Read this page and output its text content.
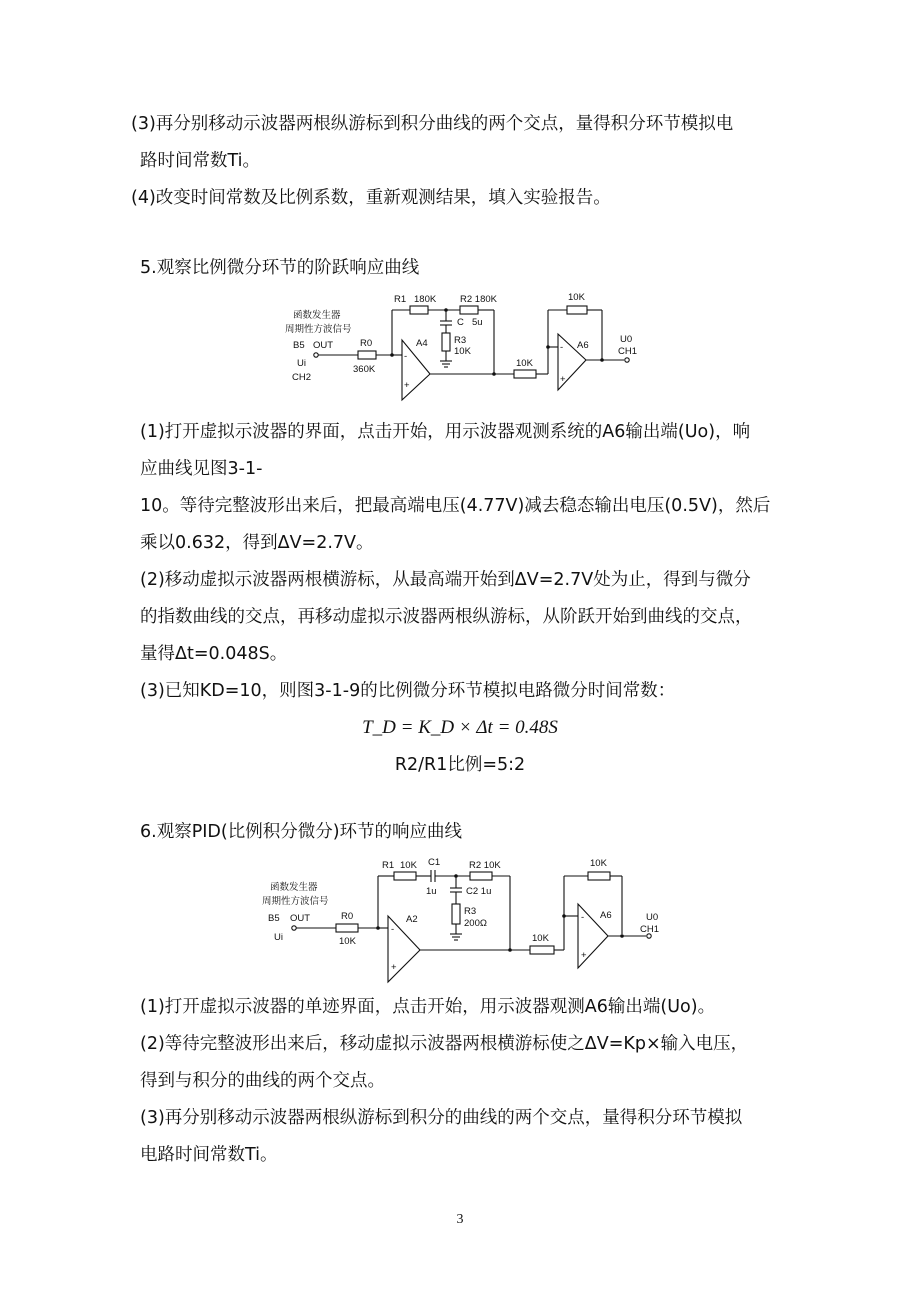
(3)再分别移动示波器两根纵游标到积分曲线的两个交点，量得积分环节模拟电
路时间常数Ti。
(4)改变时间常数及比例系数，重新观测结果，填入实验报告。
5.观察比例微分环节的阶跃响应曲线
函数发生器
周期性方波信号
B5 OUT
Ui
CH2
R0
360K
R1 180K	R2 180K
C 5u
R3
10K
-
+
A4
10K
10K
-
+
A6
U0
CH1
(1)打开虚拟示波器的界面，点击开始，用示波器观测系统的A6输出端(Uo)，响
应曲线见图3-1-
10。等待完整波形出来后，把最高端电压(4.77V)减去稳态输出电压(0.5V)，然后
乘以0.632，得到ΔV=2.7V。
(2)移动虚拟示波器两根横游标，从最高端开始到ΔV=2.7V处为止，得到与微分
的指数曲线的交点，再移动虚拟示波器两根纵游标，从阶跃开始到曲线的交点，
量得Δt=0.048S。
(3)已知KD=10，则图3-1-9的比例微分环节模拟电路微分时间常数：
T_D = K_D × Δt = 0.48S
R2/R1比例=5:2
6.观察PID(比例积分微分)环节的响应曲线
函数发生器
周期性方波信号
B5 OUT
Ui
R0
10K
R1 10K C1
1u
R2 10K
C2 1u
R3
200Ω
-
+
A2
10K
10K
-
+
A6	U0
CH1
(1)打开虚拟示波器的单迹界面，点击开始，用示波器观测A6输出端(Uo)。
(2)等待完整波形出来后，移动虚拟示波器两根横游标使之ΔV=Kp×输入电压，
得到与积分的曲线的两个交点。
(3)再分别移动示波器两根纵游标到积分的曲线的两个交点，量得积分环节模拟
电路时间常数Ti。
3
